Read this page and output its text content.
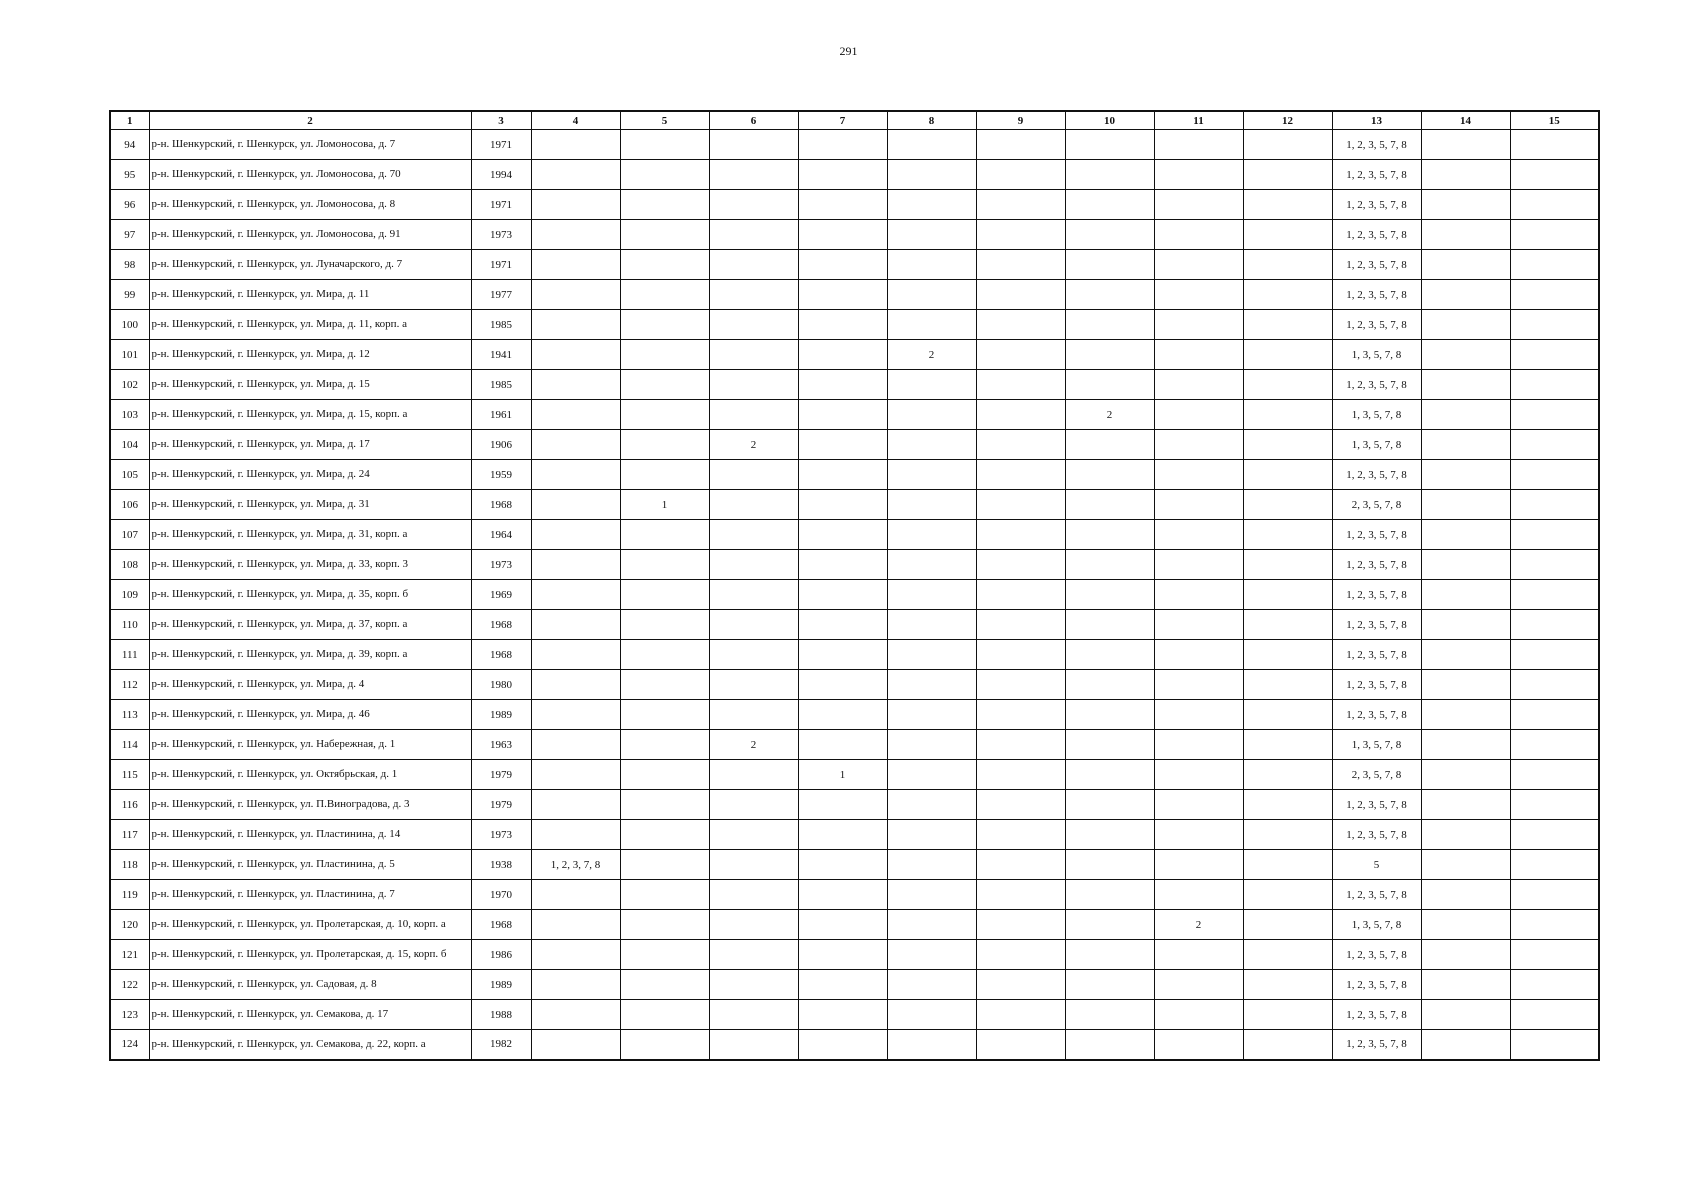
291
1	2	3	4	5	6	7	8	9	10	11	12	13	14	15
94	р-н. Шенкурский, г. Шенкурск, ул. Ломоносова, д. 7	1971										1, 2, 3, 5, 7, 8		
95	р-н. Шенкурский, г. Шенкурск, ул. Ломоносова, д. 70	1994										1, 2, 3, 5, 7, 8		
96	р-н. Шенкурский, г. Шенкурск, ул. Ломоносова, д. 8	1971										1, 2, 3, 5, 7, 8		
97	р-н. Шенкурский, г. Шенкурск, ул. Ломоносова, д. 91	1973										1, 2, 3, 5, 7, 8		
98	р-н. Шенкурский, г. Шенкурск, ул. Луначарского, д. 7	1971										1, 2, 3, 5, 7, 8		
99	р-н. Шенкурский, г. Шенкурск, ул. Мира, д. 11	1977										1, 2, 3, 5, 7, 8		
100	р-н. Шенкурский, г. Шенкурск, ул. Мира, д. 11, корп. а	1985										1, 2, 3, 5, 7, 8		
101	р-н. Шенкурский, г. Шенкурск, ул. Мира, д. 12	1941					2					1, 3, 5, 7, 8		
102	р-н. Шенкурский, г. Шенкурск, ул. Мира, д. 15	1985										1, 2, 3, 5, 7, 8		
103	р-н. Шенкурский, г. Шенкурск, ул. Мира, д. 15, корп. а	1961							2			1, 3, 5, 7, 8		
104	р-н. Шенкурский, г. Шенкурск, ул. Мира, д. 17	1906			2							1, 3, 5, 7, 8		
105	р-н. Шенкурский, г. Шенкурск, ул. Мира, д. 24	1959										1, 2, 3, 5, 7, 8		
106	р-н. Шенкурский, г. Шенкурск, ул. Мира, д. 31	1968		1								2, 3, 5, 7, 8		
107	р-н. Шенкурский, г. Шенкурск, ул. Мира, д. 31, корп. а	1964										1, 2, 3, 5, 7, 8		
108	р-н. Шенкурский, г. Шенкурск, ул. Мира, д. 33, корп. 3	1973										1, 2, 3, 5, 7, 8		
109	р-н. Шенкурский, г. Шенкурск, ул. Мира, д. 35, корп. б	1969										1, 2, 3, 5, 7, 8		
110	р-н. Шенкурский, г. Шенкурск, ул. Мира, д. 37, корп. а	1968										1, 2, 3, 5, 7, 8		
111	р-н. Шенкурский, г. Шенкурск, ул. Мира, д. 39, корп. а	1968										1, 2, 3, 5, 7, 8		
112	р-н. Шенкурский, г. Шенкурск, ул. Мира, д. 4	1980										1, 2, 3, 5, 7, 8		
113	р-н. Шенкурский, г. Шенкурск, ул. Мира, д. 46	1989										1, 2, 3, 5, 7, 8		
114	р-н. Шенкурский, г. Шенкурск, ул. Набережная, д. 1	1963			2							1, 3, 5, 7, 8		
115	р-н. Шенкурский, г. Шенкурск, ул. Октябрьская, д. 1	1979				1						2, 3, 5, 7, 8		
116	р-н. Шенкурский, г. Шенкурск, ул. П.Виноградова, д. 3	1979										1, 2, 3, 5, 7, 8		
117	р-н. Шенкурский, г. Шенкурск, ул. Пластинина, д. 14	1973										1, 2, 3, 5, 7, 8		
118	р-н. Шенкурский, г. Шенкурск, ул. Пластинина, д. 5	1938	1, 2, 3, 7, 8									5		
119	р-н. Шенкурский, г. Шенкурск, ул. Пластинина, д. 7	1970										1, 2, 3, 5, 7, 8		
120	р-н. Шенкурский, г. Шенкурск, ул. Пролетарская, д. 10, корп. а	1968								2		1, 3, 5, 7, 8		
121	р-н. Шенкурский, г. Шенкурск, ул. Пролетарская, д. 15, корп. б	1986										1, 2, 3, 5, 7, 8		
122	р-н. Шенкурский, г. Шенкурск, ул. Садовая, д. 8	1989										1, 2, 3, 5, 7, 8		
123	р-н. Шенкурский, г. Шенкурск, ул. Семакова, д. 17	1988										1, 2, 3, 5, 7, 8		
124	р-н. Шенкурский, г. Шенкурск, ул. Семакова, д. 22, корп. а	1982										1, 2, 3, 5, 7, 8		
